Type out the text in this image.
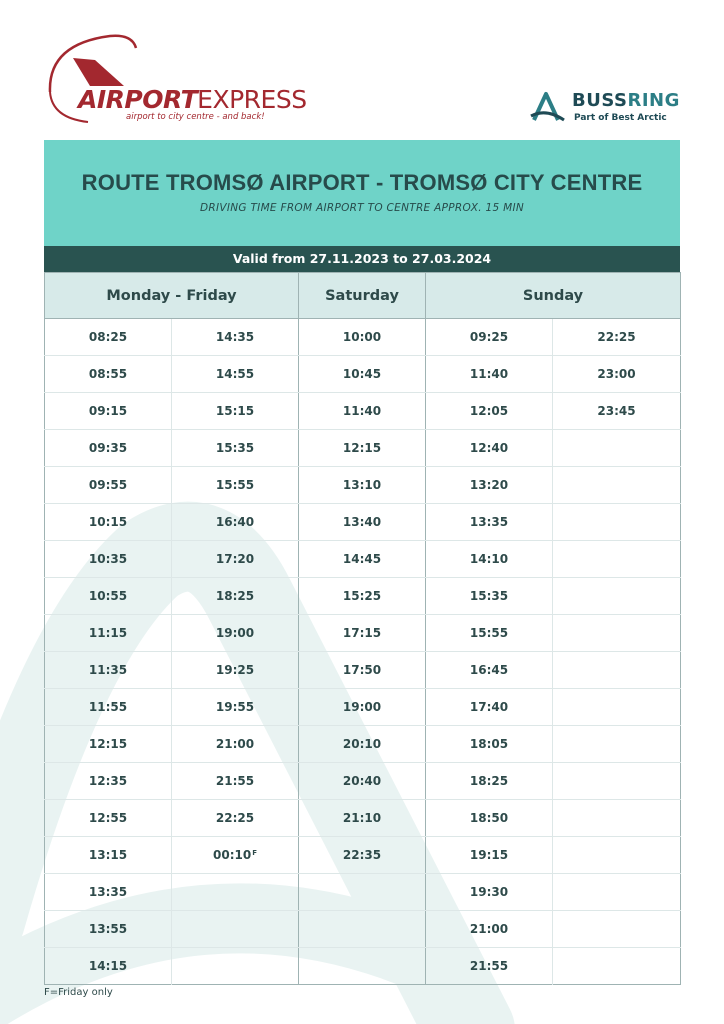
AIRPORTEXPRESS
airport to city centre - and back!
BUSSRING
Part of Best Arctic
ROUTE TROMSØ AIRPORT - TROMSØ CITY CENTRE
DRIVING TIME FROM AIRPORT TO CENTRE APPROX. 15 MIN
Valid from 27.11.2023 to 27.03.2024
Monday - Friday		Saturday	Sunday	
08:25	14:35	10:00	09:25	22:25
08:55	14:55	10:45	11:40	23:00
09:15	15:15	11:40	12:05	23:45
09:35	15:35	12:15	12:40	
09:55	15:55	13:10	13:20	
10:15	16:40	13:40	13:35	
10:35	17:20	14:45	14:10	
10:55	18:25	15:25	15:35	
11:15	19:00	17:15	15:55	
11:35	19:25	17:50	16:45	
11:55	19:55	19:00	17:40	
12:15	21:00	20:10	18:05	
12:35	21:55	20:40	18:25	
12:55	22:25	21:10	18:50	
13:15	00:10$^F$	22:35	19:15	
13:35			19:30	
13:55			21:00	
14:15			21:55	
F=Friday only
